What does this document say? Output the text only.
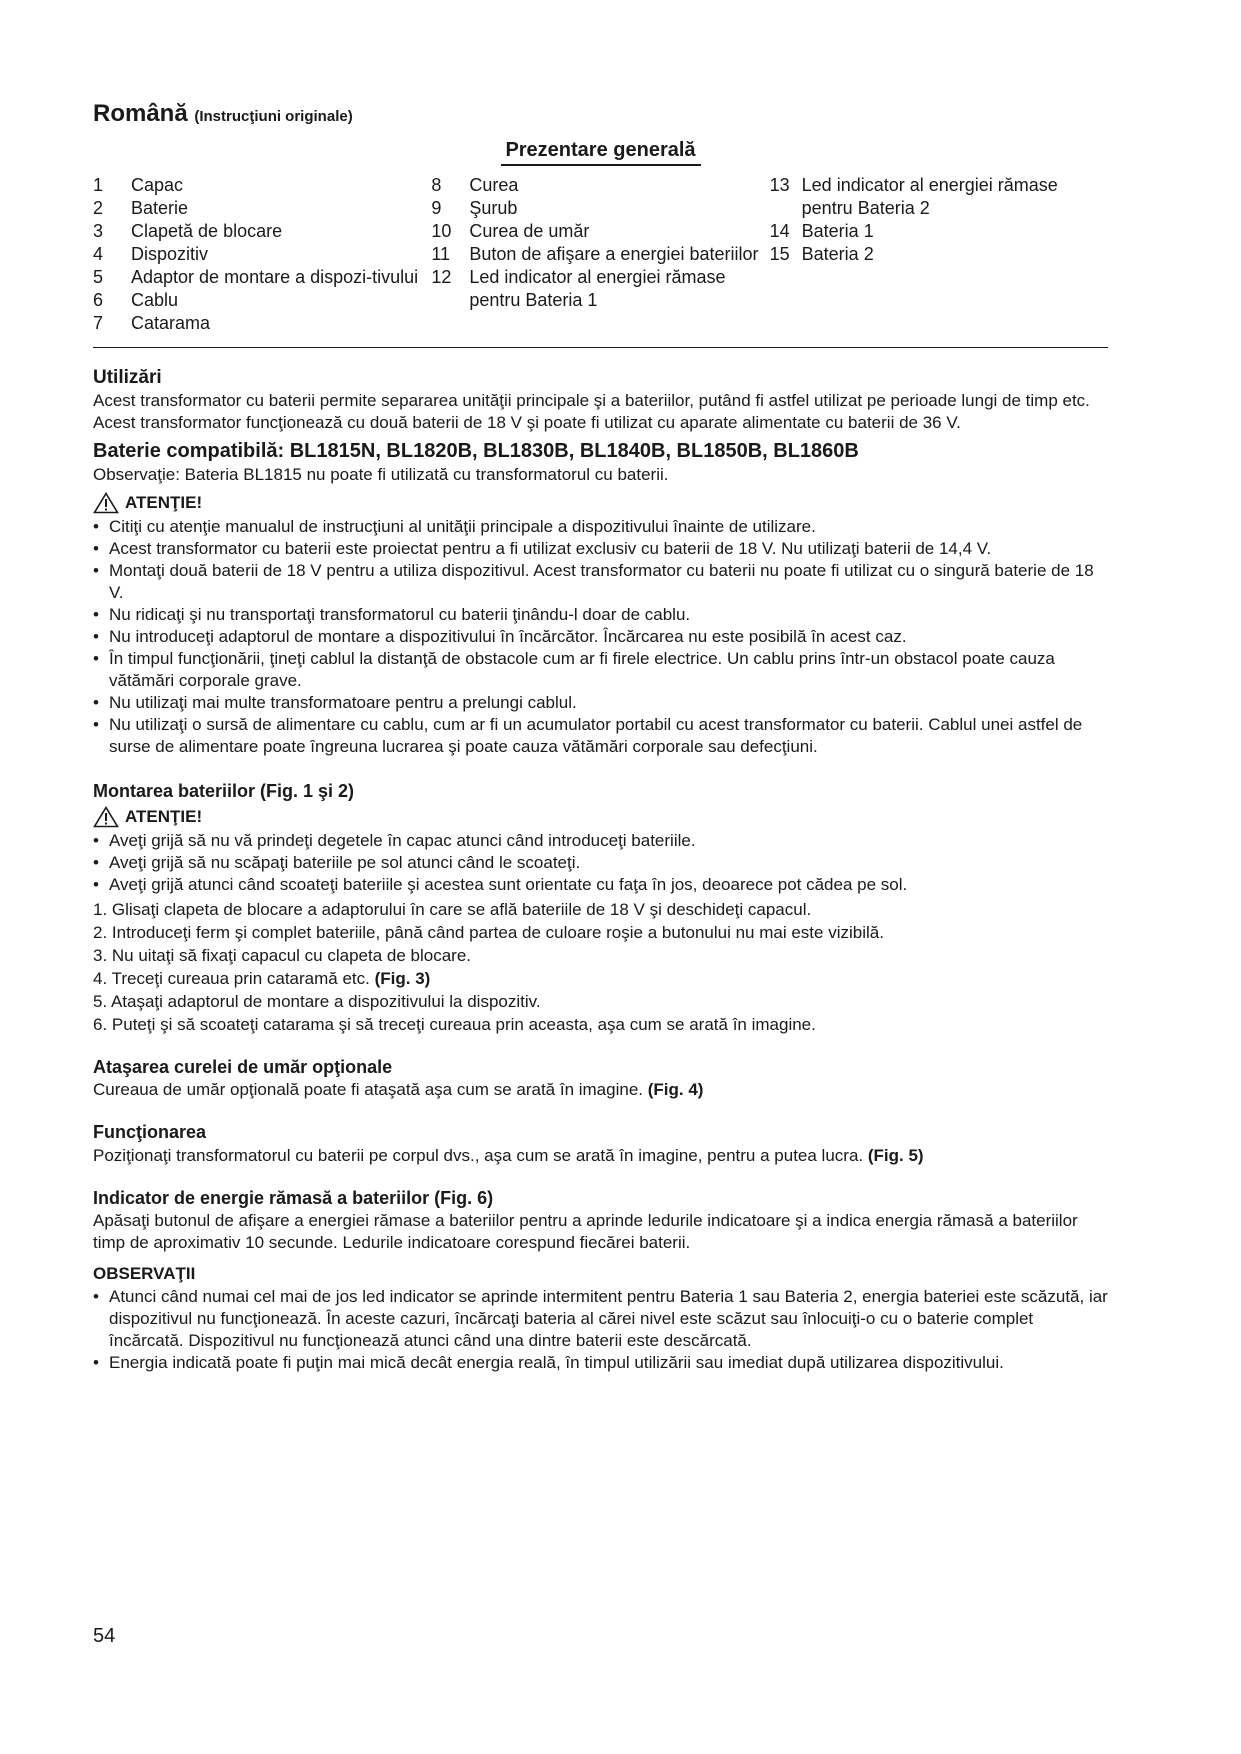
Română (Instrucţiuni originale)
Prezentare generală
1	Capac
2	Baterie
3	Clapetă de blocare
4	Dispozitiv
5	Adaptor de montare a dispozi-tivului
6	Cablu
7	Catarama
8	Curea
9	Şurub
10 Curea de umăr
11	Buton de afişare a energiei bateriilor
12 Led indicator al energiei rămase pentru Bateria 1
13 Led indicator al energiei rămase pentru Bateria 2
14 Bateria 1
15 Bateria 2
Utilizări

Acest transformator cu baterii permite separarea unităţii principale şi a bateriilor, putând fi astfel utilizat pe perioade lungi de timp etc.

Acest transformator funcţionează cu două baterii de 18 V şi poate fi utilizat cu aparate alimentate cu baterii de 36 V.

Baterie compatibilă: BL1815N, BL1820B, BL1830B, BL1840B, BL1850B, BL1860B

Observaţie: Bateria BL1815 nu poate fi utilizată cu transformatorul cu baterii.

ATENŢIE!
• Citiţi cu atenţie manualul de instrucţiuni al unităţii principale a dispozitivului înainte de utilizare.
• Acest transformator cu baterii este proiectat pentru a fi utilizat exclusiv cu baterii de 18 V. Nu utilizaţi baterii de 14,4 V.
• Montaţi două baterii de 18 V pentru a utiliza dispozitivul. Acest transformator cu baterii nu poate fi utilizat cu o singură baterie de 18 V.
• Nu ridicaţi şi nu transportaţi transformatorul cu baterii ţinându-l doar de cablu.
• Nu introduceţi adaptorul de montare a dispozitivului în încărcător. Încărcarea nu este posibilă în acest caz.
• În timpul funcţionării, ţineţi cablul la distanţă de obstacole cum ar fi firele electrice. Un cablu prins într-un obstacol poate cauza vătămări corporale grave.
• Nu utilizaţi mai multe transformatoare pentru a prelungi cablul.
• Nu utilizaţi o sursă de alimentare cu cablu, cum ar fi un acumulator portabil cu acest transformator cu baterii. Cablul unei astfel de surse de alimentare poate îngreuna lucrarea şi poate cauza vătămări corporale sau defecţiuni.
Montarea bateriilor (Fig. 1 şi 2)
ATENŢIE!
• Aveţi grijă să nu vă prindeţi degetele în capac atunci când introduceţi bateriile.
• Aveţi grijă să nu scăpaţi bateriile pe sol atunci când le scoateţi.
• Aveţi grijă atunci când scoateţi bateriile şi acestea sunt orientate cu faţa în jos, deoarece pot cădea pe sol.
1. Glisaţi clapeta de blocare a adaptorului în care se află bateriile de 18 V şi deschideţi capacul.
2. Introduceţi ferm şi complet bateriile, până când partea de culoare roşie a butonului nu mai este vizibilă.
3. Nu uitaţi să fixaţi capacul cu clapeta de blocare.
4. Treceţi cureaua prin cataramă etc. (Fig. 3)
5. Ataşaţi adaptorul de montare a dispozitivului la dispozitiv.
6. Puteţi şi să scoateţi catarama şi să treceţi cureaua prin aceasta, aşa cum se arată în imagine.
Ataşarea curelei de umăr opţionale

Cureaua de umăr opţională poate fi ataşată aşa cum se arată în imagine. (Fig. 4)

Funcţionarea

Poziţionaţi transformatorul cu baterii pe corpul dvs., aşa cum se arată în imagine, pentru a putea lucra. (Fig. 5)

Indicator de energie rămasă a bateriilor (Fig. 6)

Apăsaţi butonul de afişare a energiei rămase a bateriilor pentru a aprinde ledurile indicatoare şi a indica energia rămasă a bateriilor timp de aproximativ 10 secunde. Ledurile indicatoare corespund fiecărei baterii.

OBSERVAŢII
• Atunci când numai cel mai de jos led indicator se aprinde intermitent pentru Bateria 1 sau Bateria 2, energia bateriei este scăzută, iar dispozitivul nu funcţionează. În aceste cazuri, încărcaţi bateria al cărei nivel este scăzut sau înlocuiţi-o cu o baterie complet încărcată. Dispozitivul nu funcţionează atunci când una dintre baterii este descărcată.
• Energia indicată poate fi puţin mai mică decât energia reală, în timpul utilizării sau imediat după utilizarea dispozitivului.
54
